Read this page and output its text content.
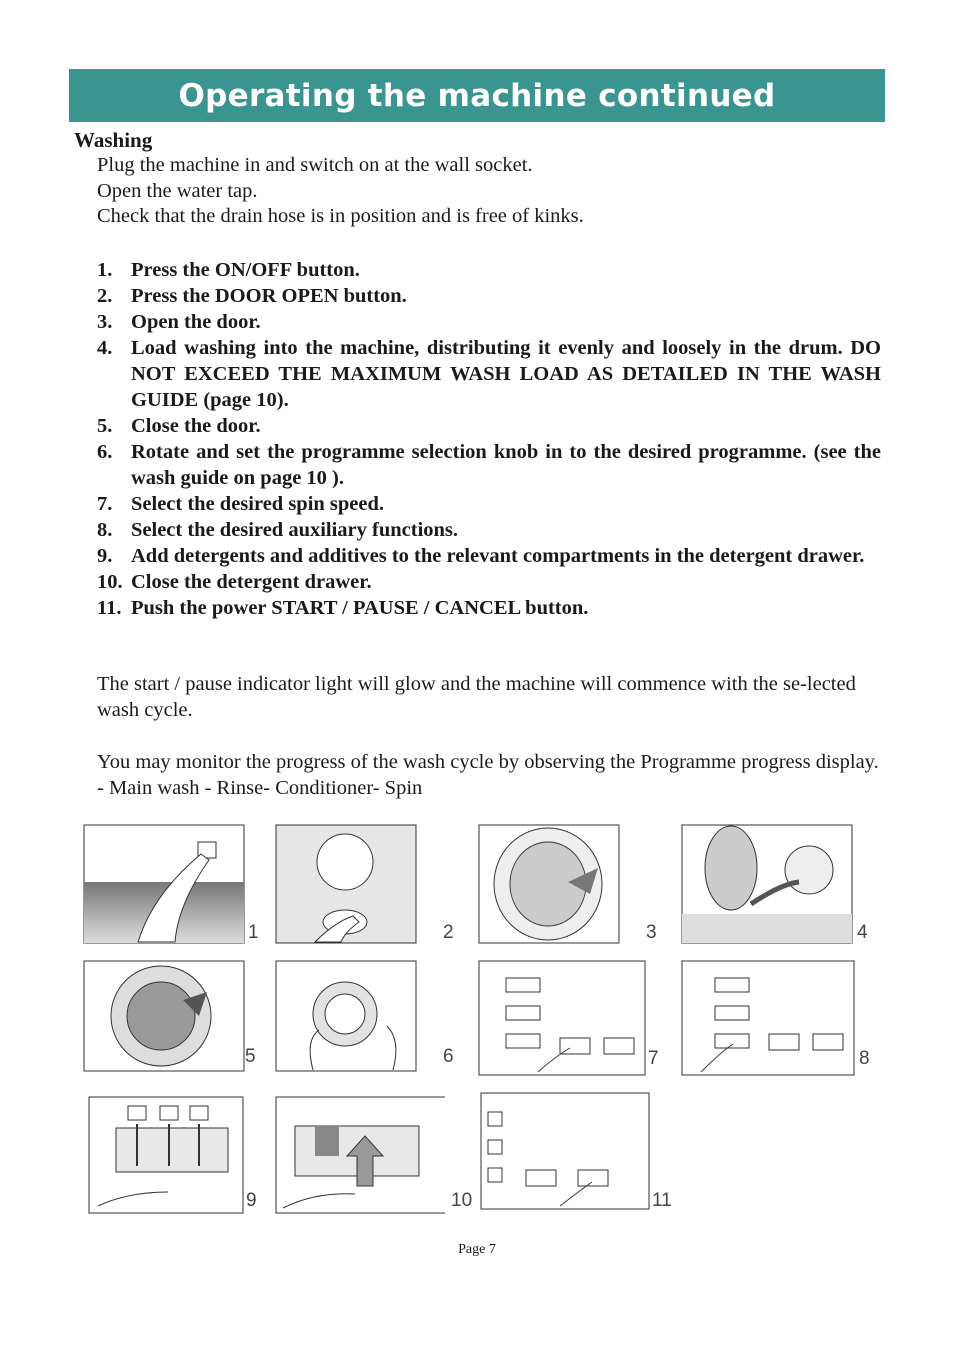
Operating the machine continued
Washing

Plug the machine in and switch on at the wall socket.

Open the water tap.

Check that the drain hose is in position and is free of kinks.

1. Press the ON/OFF button.
2. Press the DOOR OPEN button.
3. Open the door.
4. Load washing into the machine, distributing it evenly and loosely in the drum. DO NOT EXCEED THE MAXIMUM WASH LOAD AS DETAILED IN THE WASH GUIDE (page 10).
5. Close the door.
6. Rotate and set the programme selection knob in to the desired programme. (see the wash guide on page 10 ).
7. Select the desired spin speed.
8. Select the desired auxiliary functions.
9. Add detergents and additives to the relevant compartments in the detergent drawer.
10. Close the detergent drawer.
11. Push the power START / PAUSE / CANCEL button.

The start / pause indicator light will glow and the machine will commence with the se-lected wash cycle.

You may monitor the progress of the wash cycle by observing the Programme progress display. - Main wash - Rinse- Conditioner- Spin

1	2	3	4
5	6	7	8
9	10	11
Page 7
